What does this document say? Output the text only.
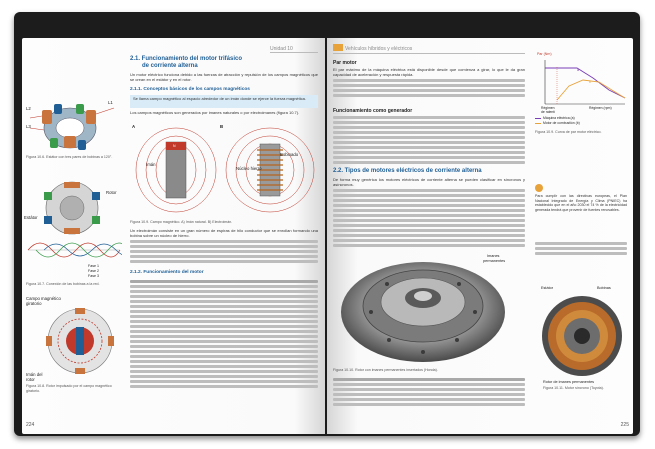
Unidad 10
2.1. Funcionamiento del motor trifásico
de corriente alterna
Un motor eléctrico funciona debido a las fuerzas de atracción y repulsión de los campos magnéticos que se crean en el estátor y en el rotor.
2.1.1. Conceptos básicos de los campos magnéticos
Se llama campo magnético al espacio alrededor de un imán donde se ejerce la fuerza magnética.
Los campos magnéticos son generados por imanes naturales o por electroimanes (figura 10.7).
A	B
N
Imán
Núcleo hierro
Bobinado
Figura 10.9. Campo magnético. A) Imán natural. B) Electroimán.
Un electroimán consiste en un gran número de espiras de hilo conductor que se enrollan formando una bobina sobre un núcleo de hierro.
2.1.2. Funcionamiento del motor
L2
L3
L1
Figura 10.6. Estátor con tres pares de bobinas a 120°.
Rotor
Estátor
Fase 1
Fase 2
Fase 3
Figura 10.7. Conexión de las bobinas a la red.
Campo magnético
giratorio
Imán del
rotor
Figura 10.8. Rotor impulsado por el campo magnético giratorio.
224
Vehículos híbridos y eléctricos
Par motor
El par máximo de la máquina eléctrica está disponible desde que comienza a girar, lo que le da gran capacidad de aceleración y respuesta rápida.
Funcionamiento como generador
2.2. Tipos de motores eléctricos de corriente alterna
De forma muy genérica los motores eléctricos de corriente alterna se pueden clasificar en síncronos y asíncronos.
Imanes
permanentes
Figura 10.10. Rotor con imanes permanentes insertados (Honda).
Par (Nm)
a
b
Régimen
de ralentí
Régimen (rpm)
Máquina eléctrica (a)
Motor de combustión (b)
Figura 10.9. Curva de par motor eléctrico.
Para cumplir con las directivas europeas, el Plan Nacional Integrado de Energía y Clima (PNIEC) ha establecido que en el año 2030 el 74 % de la electricidad generada tendrá que provenir de fuentes renovables.
Estátor	Bobinas
Rotor de imanes permanentes
Figura 10.11. Motor síncrono (Toyota).
225
